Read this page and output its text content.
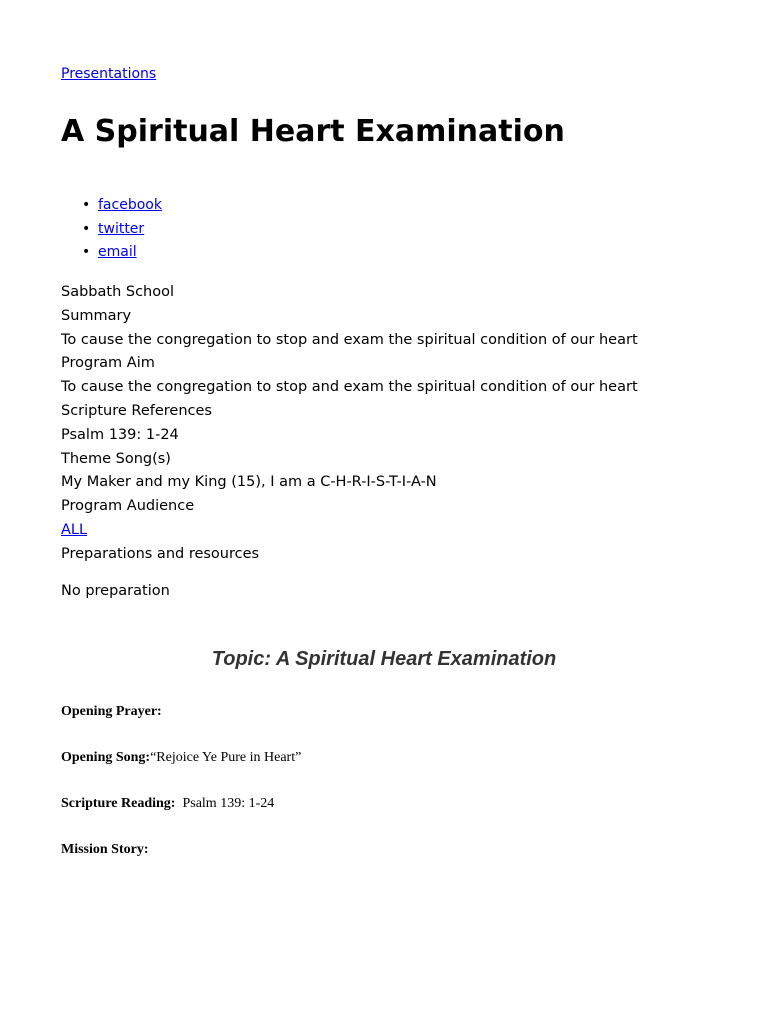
Presentations
A Spiritual Heart Examination
• facebook
• twitter
• email
Sabbath School
Summary
To cause the congregation to stop and exam the spiritual condition of our heart
Program Aim
To cause the congregation to stop and exam the spiritual condition of our heart
Scripture References
Psalm 139: 1-24
Theme Song(s)
My Maker and my King (15), I am a C-H-R-I-S-T-I-A-N
Program Audience
ALL
Preparations and resources
No preparation
Topic: A Spiritual Heart Examination
Opening Prayer:
Opening Song:“Rejoice Ye Pure in Heart”
Scripture Reading: Psalm 139: 1-24
Mission Story:
